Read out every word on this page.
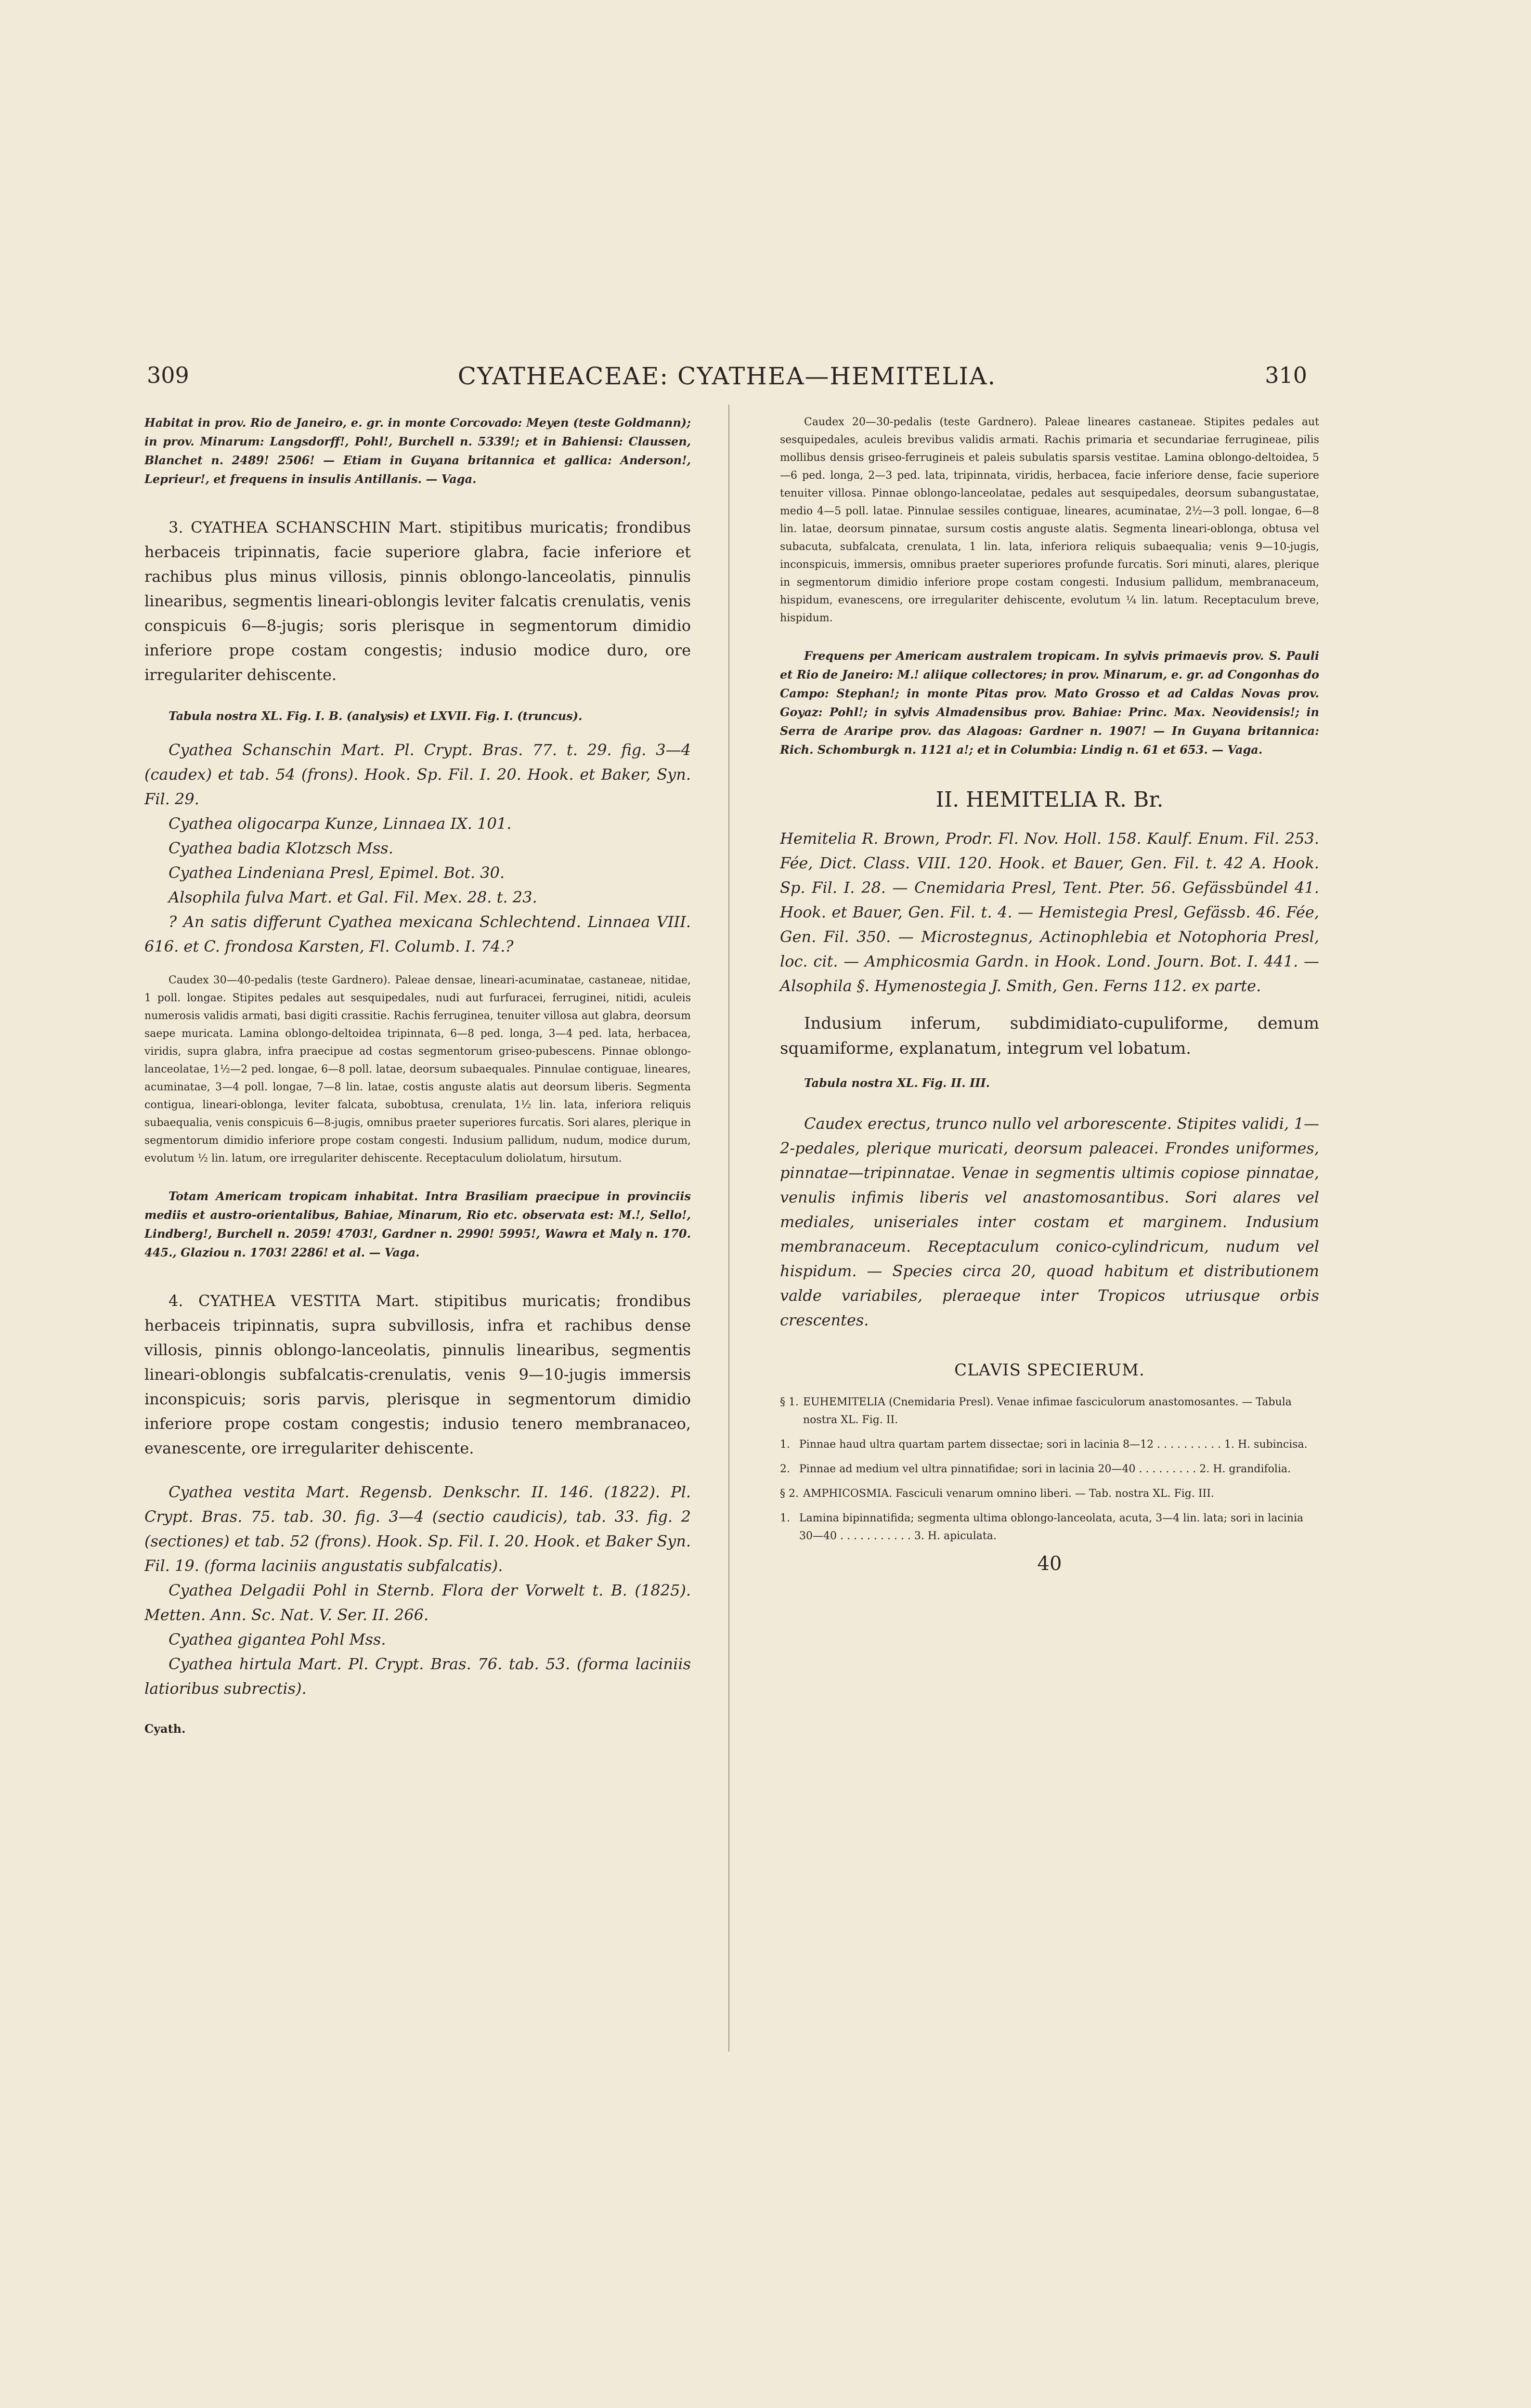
309	CYATHEACEAE: CYATHEA—HEMITELIA.	310

Habitat in prov. Rio de Janeiro, e. gr. in monte Corcovado: Meyen (teste Goldmann); in prov. Minarum: Langsdorff!, Pohl!, Burchell n. 5339!; et in Bahiensi: Claussen, Blanchet n. 2489! 2506! — Etiam in Guyana britannica et gallica: Anderson!, Leprieur!, et frequens in insulis Antillanis. — Vaga.

3. CYATHEA SCHANSCHIN Mart. stipitibus muricatis; frondibus herbaceis tripinnatis, facie superiore glabra, facie inferiore et rachibus plus minus villosis, pinnis oblongo-lanceolatis, pinnulis linearibus, segmentis lineari-oblongis leviter falcatis crenulatis, venis conspicuis 6—8-jugis; soris plerisque in segmentorum dimidio inferiore prope costam congestis; indusio modice duro, ore irregulariter dehiscente.

Tabula nostra XL. Fig. I. B. (analysis) et LXVII. Fig. I. (truncus).

Cyathea Schanschin Mart. Pl. Crypt. Bras. 77. t. 29. fig. 3—4 (caudex) et tab. 54 (frons). Hook. Sp. Fil. I. 20. Hook. et Baker, Syn. Fil. 29.

Cyathea oligocarpa Kunze, Linnaea IX. 101.

Cyathea badia Klotzsch Mss.

Cyathea Lindeniana Presl, Epimel. Bot. 30.

Alsophila fulva Mart. et Gal. Fil. Mex. 28. t. 23.

? An satis differunt Cyathea mexicana Schlechtend. Linnaea VIII. 616. et C. frondosa Karsten, Fl. Columb. I. 74.?

Caudex 30—40-pedalis (teste Gardnero). Paleae densae, lineari-acuminatae, castaneae, nitidae, 1 poll. longae. Stipites pedales aut sesquipedales, nudi aut furfuracei, ferruginei, nitidi, aculeis numerosis validis armati, basi digiti crassitie. Rachis ferruginea, tenuiter villosa aut glabra, deorsum saepe muricata. Lamina oblongo-deltoidea tripinnata, 6—8 ped. longa, 3—4 ped. lata, herbacea, viridis, supra glabra, infra praecipue ad costas segmentorum griseo-pubescens. Pinnae oblongo-lanceolatae, 1½—2 ped. longae, 6—8 poll. latae, deorsum subaequales. Pinnulae contiguae, lineares, acuminatae, 3—4 poll. longae, 7—8 lin. latae, costis anguste alatis aut deorsum liberis. Segmenta contigua, lineari-oblonga, leviter falcata, subobtusa, crenulata, 1½ lin. lata, inferiora reliquis subaequalia, venis conspicuis 6—8-jugis, omnibus praeter superiores furcatis. Sori alares, plerique in segmentorum dimidio inferiore prope costam congesti. Indusium pallidum, nudum, modice durum, evolutum ½ lin. latum, ore irregulariter dehiscente. Receptaculum doliolatum, hirsutum.

Totam Americam tropicam inhabitat. Intra Brasiliam praecipue in provinciis mediis et austro-orientalibus, Bahiae, Minarum, Rio etc. observata est: M.!, Sello!, Lindberg!, Burchell n. 2059! 4703!, Gardner n. 2990! 5995!, Wawra et Maly n. 170. 445., Glaziou n. 1703! 2286! et al. — Vaga.

4. CYATHEA VESTITA Mart. stipitibus muricatis; frondibus herbaceis tripinnatis, supra subvillosis, infra et rachibus dense villosis, pinnis oblongo-lanceolatis, pinnulis linearibus, segmentis lineari-oblongis subfalcatis-crenulatis, venis 9—10-jugis immersis inconspicuis; soris parvis, plerisque in segmentorum dimidio inferiore prope costam congestis; indusio tenero membranaceo, evanescente, ore irregulariter dehiscente.

Cyathea vestita Mart. Regensb. Denkschr. II. 146. (1822). Pl. Crypt. Bras. 75. tab. 30. fig. 3—4 (sectio caudicis), tab. 33. fig. 2 (sectiones) et tab. 52 (frons). Hook. Sp. Fil. I. 20. Hook. et Baker Syn. Fil. 19. (forma laciniis angustatis subfalcatis).

Cyathea Delgadii Pohl in Sternb. Flora der Vorwelt t. B. (1825). Metten. Ann. Sc. Nat. V. Ser. II. 266.

Cyathea gigantea Pohl Mss.

Cyathea hirtula Mart. Pl. Crypt. Bras. 76. tab. 53. (forma laciniis latioribus subrectis).

Cyath.

Caudex 20—30-pedalis (teste Gardnero). Paleae lineares castaneae. Stipites pedales aut sesquipedales, aculeis brevibus validis armati. Rachis primaria et secundariae ferrugineae, pilis mollibus densis griseo-ferrugineis et paleis subulatis sparsis vestitae. Lamina oblongo-deltoidea, 5—6 ped. longa, 2—3 ped. lata, tripinnata, viridis, herbacea, facie inferiore dense, facie superiore tenuiter villosa. Pinnae oblongo-lanceolatae, pedales aut sesquipedales, deorsum subangustatae, medio 4—5 poll. latae. Pinnulae sessiles contiguae, lineares, acuminatae, 2½—3 poll. longae, 6—8 lin. latae, deorsum pinnatae, sursum costis anguste alatis. Segmenta lineari-oblonga, obtusa vel subacuta, subfalcata, crenulata, 1 lin. lata, inferiora reliquis subaequalia; venis 9—10-jugis, inconspicuis, immersis, omnibus praeter superiores profunde furcatis. Sori minuti, alares, plerique in segmentorum dimidio inferiore prope costam congesti. Indusium pallidum, membranaceum, hispidum, evanescens, ore irregulariter dehiscente, evolutum ¼ lin. latum. Receptaculum breve, hispidum.

Frequens per Americam australem tropicam. In sylvis primaevis prov. S. Pauli et Rio de Janeiro: M.! aliique collectores; in prov. Minarum, e. gr. ad Congonhas do Campo: Stephan!; in monte Pitas prov. Mato Grosso et ad Caldas Novas prov. Goyaz: Pohl!; in sylvis Almadensibus prov. Bahiae: Princ. Max. Neovidensis!; in Serra de Araripe prov. das Alagoas: Gardner n. 1907! — In Guyana britannica: Rich. Schomburgk n. 1121 a!; et in Columbia: Lindig n. 61 et 653. — Vaga.

II. HEMITELIA R. Br.

Hemitelia R. Brown, Prodr. Fl. Nov. Holl. 158. Kaulf. Enum. Fil. 253. Fée, Dict. Class. VIII. 120. Hook. et Bauer, Gen. Fil. t. 42 A. Hook. Sp. Fil. I. 28. — Cnemidaria Presl, Tent. Pter. 56. Gefässbündel 41. Hook. et Bauer, Gen. Fil. t. 4. — Hemistegia Presl, Gefässb. 46. Fée, Gen. Fil. 350. — Microstegnus, Actinophlebia et Notophoria Presl, loc. cit. — Amphicosmia Gardn. in Hook. Lond. Journ. Bot. I. 441. — Alsophila §. Hymenostegia J. Smith, Gen. Ferns 112. ex parte.

Indusium inferum, subdimidiato-cupuliforme, demum squamiforme, explanatum, integrum vel lobatum.

Tabula nostra XL. Fig. II. III.

Caudex erectus, trunco nullo vel arborescente. Stipites validi, 1—2-pedales, plerique muricati, deorsum paleacei. Frondes uniformes, pinnatae—tripinnatae. Venae in segmentis ultimis copiose pinnatae, venulis infimis liberis vel anastomosantibus. Sori alares vel mediales, uniseriales inter costam et marginem. Indusium membranaceum. Receptaculum conico-cylindricum, nudum vel hispidum. — Species circa 20, quoad habitum et distributionem valde variabiles, pleraeque inter Tropicos utriusque orbis crescentes.

CLAVIS SPECIERUM.

§ 1. EUHEMITELIA (Cnemidaria Presl). Venae infimae fasciculorum anastomosantes. — Tabula nostra XL. Fig. II.
1. Pinnae haud ultra quartam partem dissectae; sori in lacinia 8—12 . . . . . . . . . . 1. H. subincisa.
2. Pinnae ad medium vel ultra pinnatifidae; sori in lacinia 20—40 . . . . . . . . . 2. H. grandifolia.
§ 2. AMPHICOSMIA. Fasciculi venarum omnino liberi. — Tab. nostra XL. Fig. III.
1. Lamina bipinnatifida; segmenta ultima oblongo-lanceolata, acuta, 3—4 lin. lata; sori in lacinia 30—40 . . . . . . . . . . . 3. H. apiculata.

40
